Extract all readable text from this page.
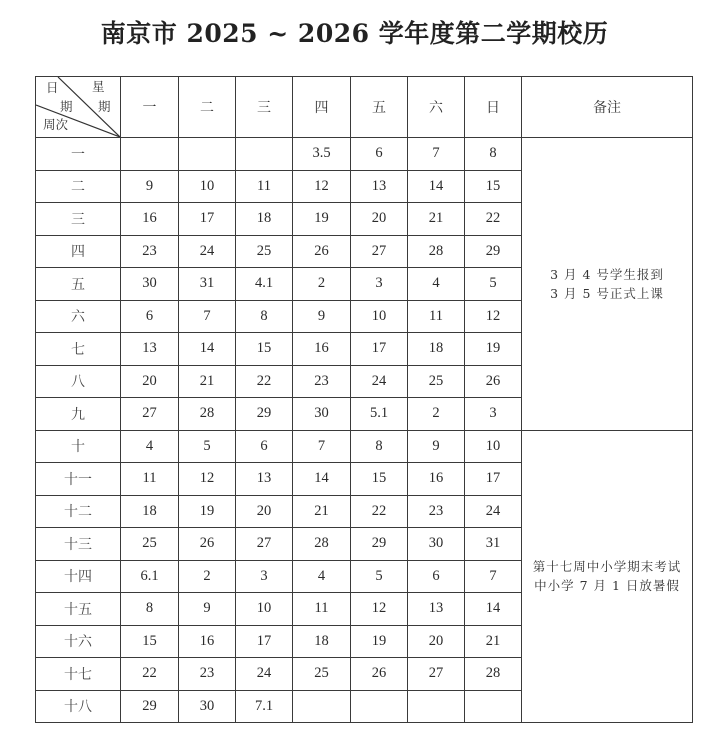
南京市 2025 ~ 2026 学年度第二学期校历
日 星
期 期
周次	一	二	三	四	五	六	日	备注
一				3.5	6	7	8	3 月 4 号学生报到
3 月 5 号正式上课

二	9	10	11	12	13	14	15	
三	16	17	18	19	20	21	22	
四	23	24	25	26	27	28	29	
五	30	31	4.1	2	3	4	5	
六	6	7	8	9	10	11	12	
七	13	14	15	16	17	18	19	
八	20	21	22	23	24	25	26	
九	27	28	29	30	5.1	2	3	
十	4	5	6	7	8	9	10	第十七周中小学期末考试
中小学 7 月 1 日放暑假

十一	11	12	13	14	15	16	17	
十二	18	19	20	21	22	23	24	
十三	25	26	27	28	29	30	31	
十四	6.1	2	3	4	5	6	7	
十五	8	9	10	11	12	13	14	
十六	15	16	17	18	19	20	21	
十七	22	23	24	25	26	27	28	
十八	29	30	7.1					
